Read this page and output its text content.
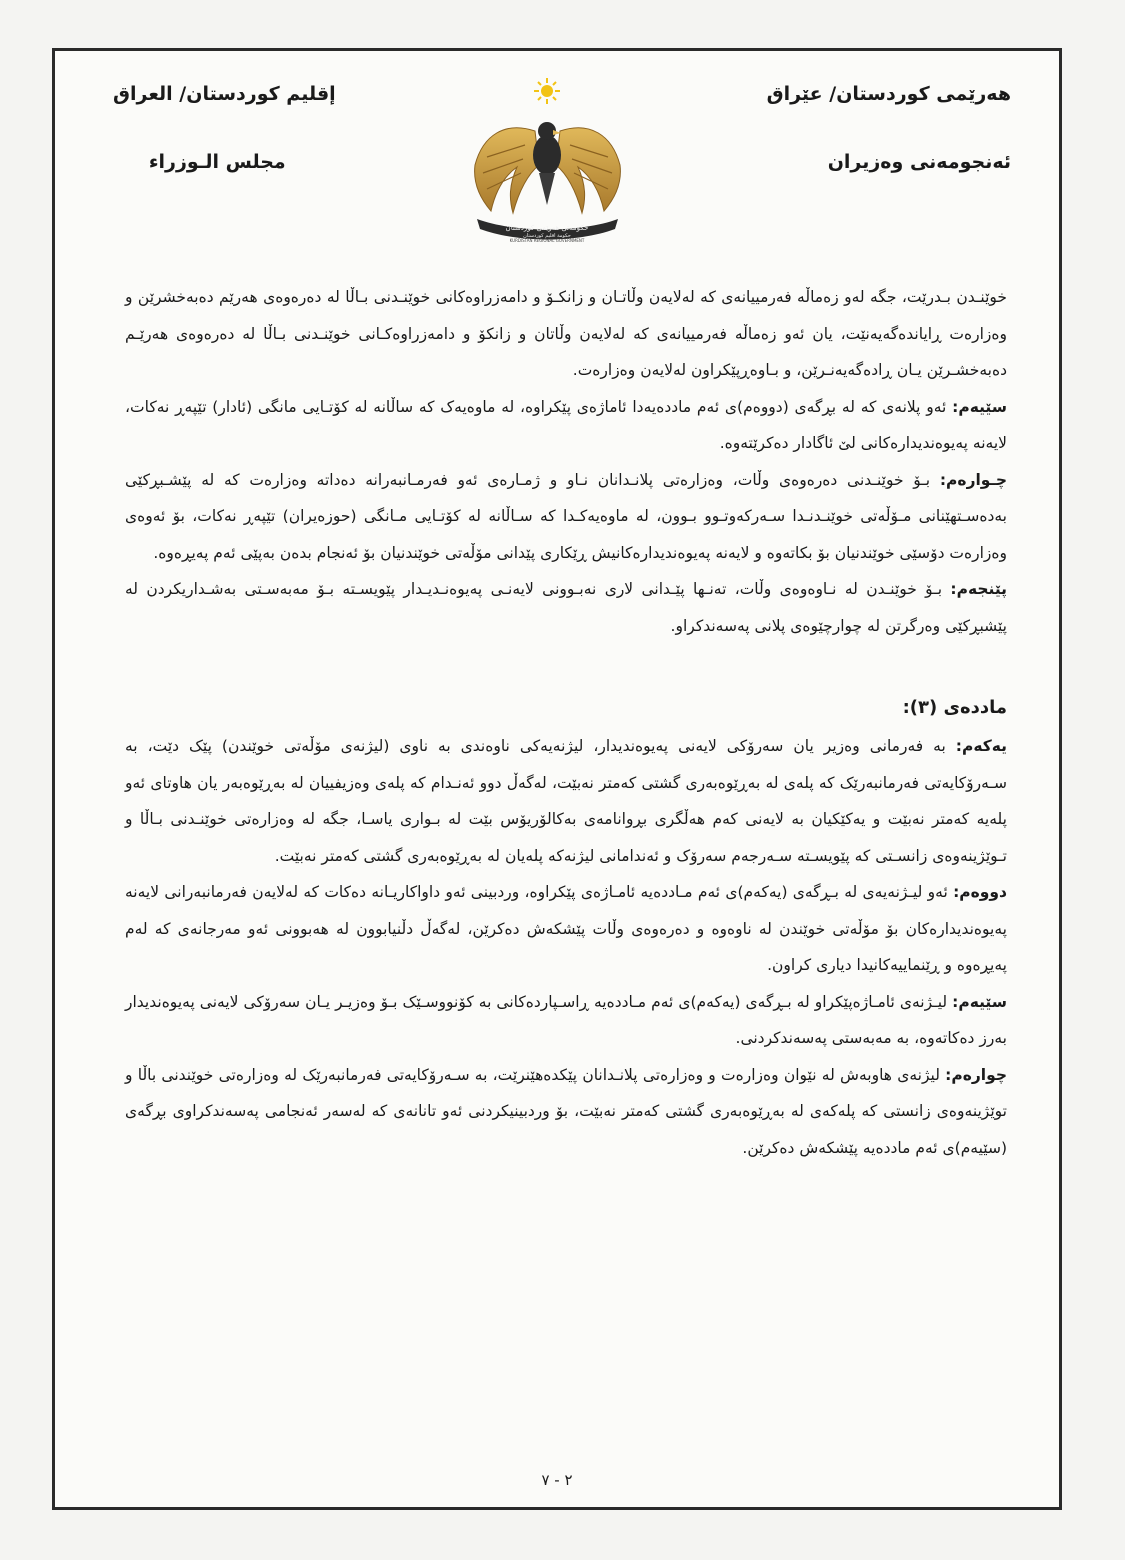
هەرێمی کوردستان/ عێراق
ئەنجومەنی وەزیران
إقليم كوردستان/ العراق
مجلس الـوزراء
حکومەتی هەرێمی کوردستان
حکومة اقليم كوردستان
KURDISTAN REGIONAL GOVERNMENT

خوێنـدن بـدرێت، جگە لەو زەماڵە فەرمیيانەی کە لەلایەن وڵاتـان و زانکـۆ و دامەزراوەکانی خوێنـدنی بـاڵا لە دەرەوەی هەرێم دەبەخشرێن و وەزارەت ڕایاندەگەیەنێت، یان ئەو زەماڵە فەرمیيانەی کە لەلایەن وڵاتان و زانکۆ و دامەزراوەکـانی خوێنـدنی بـاڵا لە دەرەوەی هەرێـم دەبەخشـرێن یـان ڕادەگەیەنـرێن، و بـاوەڕپێکراون لەلایەن وەزارەت.

سێیەم: ئەو پلانەی کە لە بڕگەی (دووەم)ی ئەم ماددەیەدا ئاماژەی پێکراوە، لە ماوەیەک کە ساڵانە لە کۆتـایی مانگی (ئادار) تێپەڕ نەکات، لایەنە پەیوەندیدارەکانی لێ ئاگادار دەکرێتەوە.

چـوارەم: بـۆ خوێنـدنی دەرەوەی وڵات، وەزارەتی پلانـدانان نـاو و ژمـارەی ئەو فەرمـانبەرانە دەداتە وەزارەت کە لە پێشـبڕکێی بەدەسـتهێنانی مـۆڵەتی خوێنـدنـدا سـەرکەوتـوو بـوون، لە ماوەیەکـدا کە سـاڵانە لە کۆتـایی مـانگی (حوزەیران) تێپەڕ نەکات، بۆ ئەوەی وەزارەت دۆسێی خوێندنیان بۆ بکاتەوە و لایەنە پەیوەندیدارەکانیش ڕێکاری پێدانی مۆڵەتی خوێندنیان بۆ ئەنجام بدەن بەپێی ئەم پەیڕەوە.

پێنجەم: بـۆ خوێنـدن لە نـاوەوەی وڵات، تەنـها پێـدانی لاری نەبـوونی لایەنـی پەیوەنـدیـدار پێویسـتە بـۆ مەبەسـتی بەشـداریکردن لە پێشبڕکێی وەرگرتن لە چوارچێوەی پلانی پەسەندکراو.

ماددەی (٣):

یەکەم: بە فەرمانی وەزیر یان سەرۆکی لایەنی پەیوەندیدار، لیژنەیەکی ناوەندی بە ناوی (لیژنەی مۆڵەتی خوێندن) پێک دێت، بە سـەرۆکایەتی فەرمانبەرێک کە پلەی لە بەڕێوەبەری گشتی کەمتر نەبێت، لەگەڵ دوو ئەنـدام کە پلەی وەزیفییان لە بەڕێوەبەر یان هاوتای ئەو پلەیە کەمتر نەبێت و یەکێکیان بە لایەنی کەم هەڵگری بڕوانامەی بەکالۆریۆس بێت لە بـواری یاسـا، جگە لە وەزارەتی خوێنـدنی بـاڵا و تـوێژینەوەی زانسـتی کە پێویسـتە سـەرجەم سەرۆک و ئەندامانی لیژنەکە پلەیان لە بەڕێوەبەری گشتی کەمتر نەبێت.

دووەم: ئەو لیـژنەیەی لە بـڕگەی (یەکەم)ی ئەم مـاددەیە ئامـاژەی پێکراوە، وردبینی ئەو داواکاریـانە دەکات کە لەلایەن فەرمانبەرانی لایەنە پەیوەندیدارەکان بۆ مۆڵەتی خوێندن لە ناوەوە و دەرەوەی وڵات پێشکەش دەکرێن، لەگەڵ دڵنیابوون لە هەبوونی ئەو مەرجانەی کە لەم پەیڕەوە و ڕێنماییەکانیدا دیاری کراون.

سێیەم: لیـژنەی ئامـاژەپێکراو لە بـڕگەی (یەکەم)ی ئەم مـاددەیە ڕاسـپاردەکانی بە کۆنووسـێک بـۆ وەزیـر یـان سەرۆکی لایەنی پەیوەندیدار بەرز دەکاتەوە، بە مەبەستی پەسەندکردنی.

چوارەم: لیژنەی هاوبەش لە نێوان وەزارەت و وەزارەتی پلانـدانان پێکدەهێنرێت، بە سـەرۆکایەتی فەرمانبەرێک لە وەزارەتی خوێندنی باڵا و توێژینەوەی زانستی کە پلەکەی لە بەڕێوەبەری گشتی کەمتر نەبێت، بۆ وردبینیکردنی ئەو تانانەی کە لەسەر ئەنجامی پەسەندکراوی بڕگەی (سێیەم)ی ئەم ماددەیە پێشکەش دەکرێن.

٢ - ٧
